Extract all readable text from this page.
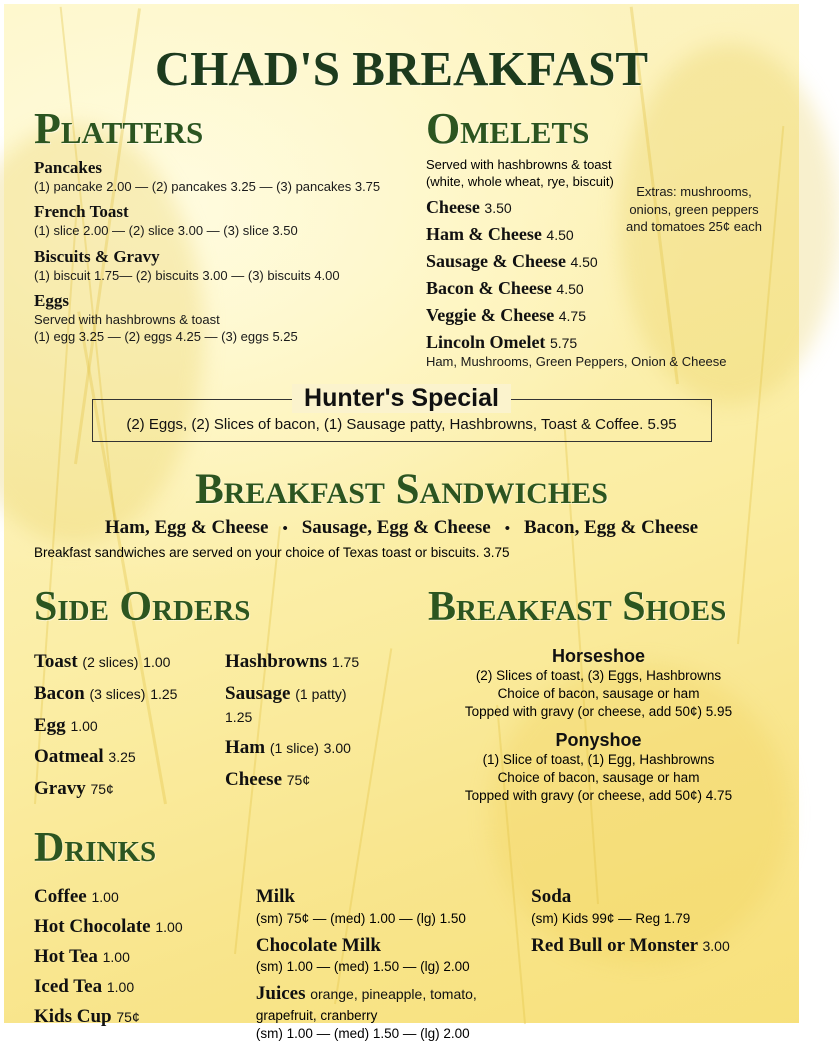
CHAD'S BREAKFAST
Platters
Pancakes
(1) pancake 2.00 — (2) pancakes 3.25 — (3) pancakes 3.75
French Toast
(1) slice 2.00 — (2) slice 3.00 — (3) slice 3.50
Biscuits & Gravy
(1) biscuit 1.75— (2) biscuits 3.00 — (3) biscuits 4.00
Eggs
Served with hashbrowns & toast
(1) egg 3.25 — (2) eggs 4.25 — (3) eggs 5.25
Omelets
Served with hashbrowns & toast (white, whole wheat, rye, biscuit)
Extras: mushrooms, onions, green peppers and tomatoes 25¢ each
Cheese 3.50
Ham & Cheese 4.50
Sausage & Cheese 4.50
Bacon & Cheese 4.50
Veggie & Cheese 4.75
Lincoln Omelet 5.75
Ham, Mushrooms, Green Peppers, Onion & Cheese
Hunter's Special
(2) Eggs, (2) Slices of bacon, (1) Sausage patty, Hashbrowns, Toast & Coffee. 5.95
Breakfast Sandwiches
Ham, Egg & Cheese • Sausage, Egg & Cheese • Bacon, Egg & Cheese
Breakfast sandwiches are served on your choice of Texas toast or biscuits. 3.75
Side Orders
Toast (2 slices) 1.00
Bacon (3 slices) 1.25
Egg 1.00
Oatmeal 3.25
Gravy 75¢
Hashbrowns 1.75
Sausage (1 patty)
1.25
Ham (1 slice) 3.00
Cheese 75¢
Breakfast Shoes
Horseshoe
(2) Slices of toast, (3) Eggs, Hashbrowns
Choice of bacon, sausage or ham
Topped with gravy (or cheese, add 50¢) 5.95
Ponyshoe
(1) Slice of toast, (1) Egg, Hashbrowns
Choice of bacon, sausage or ham
Topped with gravy (or cheese, add 50¢) 4.75
Drinks
Coffee 1.00
Hot Chocolate 1.00
Hot Tea 1.00
Iced Tea 1.00
Kids Cup 75¢
Milk
(sm) 75¢ — (med) 1.00 — (lg) 1.50
Chocolate Milk
(sm) 1.00 — (med) 1.50 — (lg) 2.00
Juices orange, pineapple, tomato,
grapefruit, cranberry
(sm) 1.00 — (med) 1.50 — (lg) 2.00
Soda
(sm) Kids 99¢ — Reg 1.79
Red Bull or Monster 3.00
